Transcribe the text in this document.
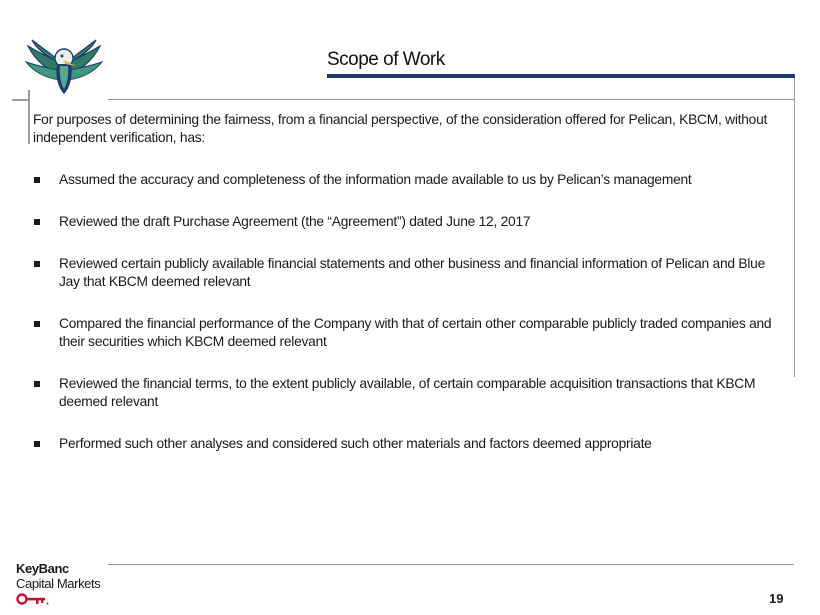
Scope of Work

For purposes of determining the fairness, from a financial perspective, of the consideration offered for Pelican, KBCM, without independent verification, has:

Assumed the accuracy and completeness of the information made available to us by Pelican’s management
Reviewed the draft Purchase Agreement (the “Agreement”) dated June 12, 2017
Reviewed certain publicly available financial statements and other business and financial information of Pelican and Blue Jay that KBCM deemed relevant
Compared the financial performance of the Company with that of certain other comparable publicly traded companies and their securities which KBCM deemed relevant
Reviewed the financial terms, to the extent publicly available, of certain comparable acquisition transactions that KBCM deemed relevant
Performed such other analyses and considered such other materials and factors deemed appropriate
KeyBanc
Capital Markets
19
